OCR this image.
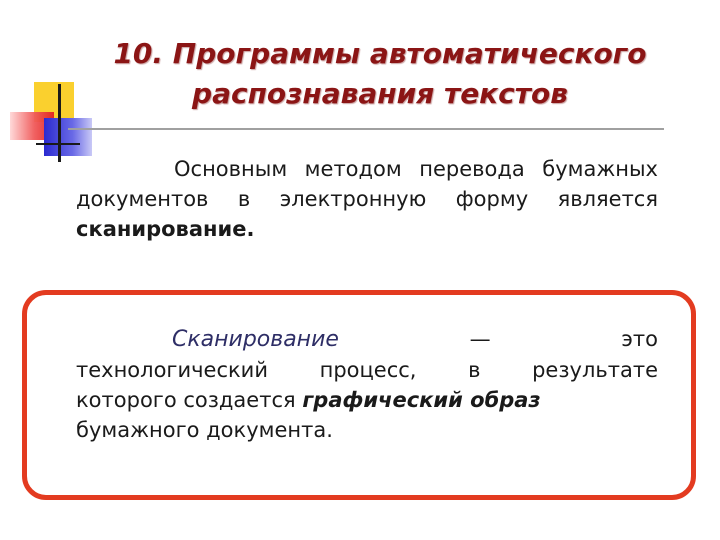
10. Программы автоматического
распознавания текстов

Основным методом перевода бумажных документов в электронную форму является сканирование.

Сканирование	—	это
технологический процесс, в результате
которого создается графический образ
бумажного документа.
